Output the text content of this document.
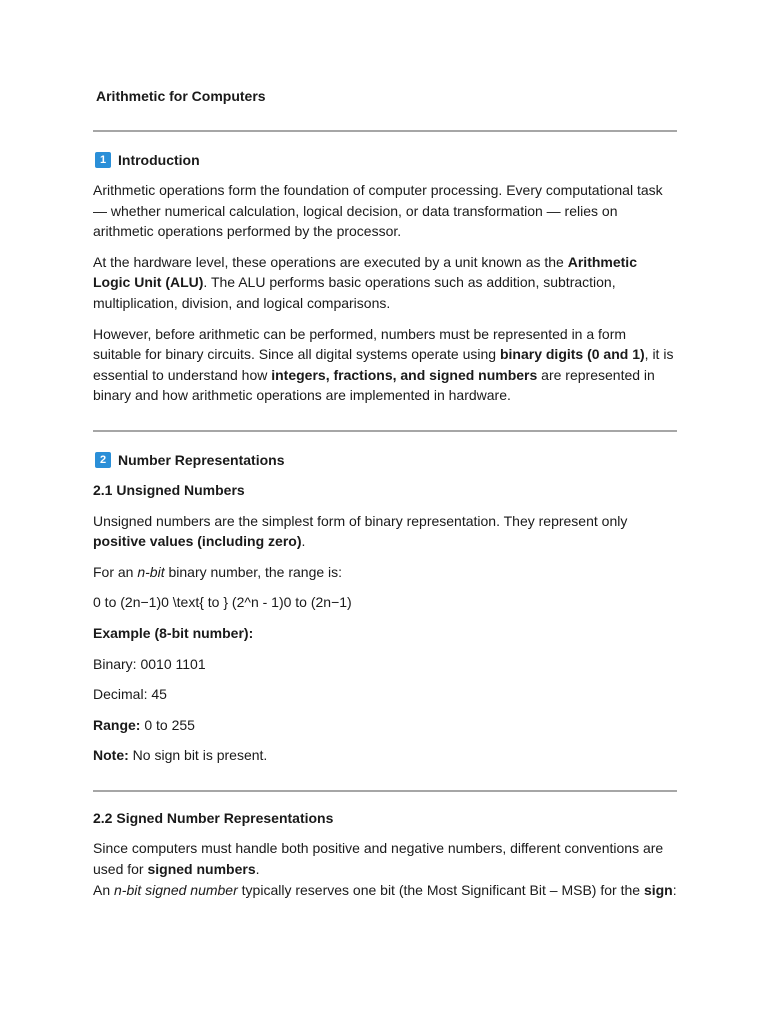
Arithmetic for Computers
1 Introduction

Arithmetic operations form the foundation of computer processing. Every computational task — whether numerical calculation, logical decision, or data transformation — relies on arithmetic operations performed by the processor.

At the hardware level, these operations are executed by a unit known as the Arithmetic Logic Unit (ALU). The ALU performs basic operations such as addition, subtraction, multiplication, division, and logical comparisons.

However, before arithmetic can be performed, numbers must be represented in a form suitable for binary circuits. Since all digital systems operate using binary digits (0 and 1), it is essential to understand how integers, fractions, and signed numbers are represented in binary and how arithmetic operations are implemented in hardware.

2 Number Representations

2.1 Unsigned Numbers

Unsigned numbers are the simplest form of binary representation. They represent only positive values (including zero).

For an n-bit binary number, the range is:

0 to (2n−1)0 \text{ to } (2^n - 1)0 to (2n−1)

Example (8-bit number):

Binary: 0010 1101

Decimal: 45

Range: 0 to 255

Note: No sign bit is present.

2.2 Signed Number Representations

Since computers must handle both positive and negative numbers, different conventions are used for signed numbers.

An n-bit signed number typically reserves one bit (the Most Significant Bit – MSB) for the sign:
